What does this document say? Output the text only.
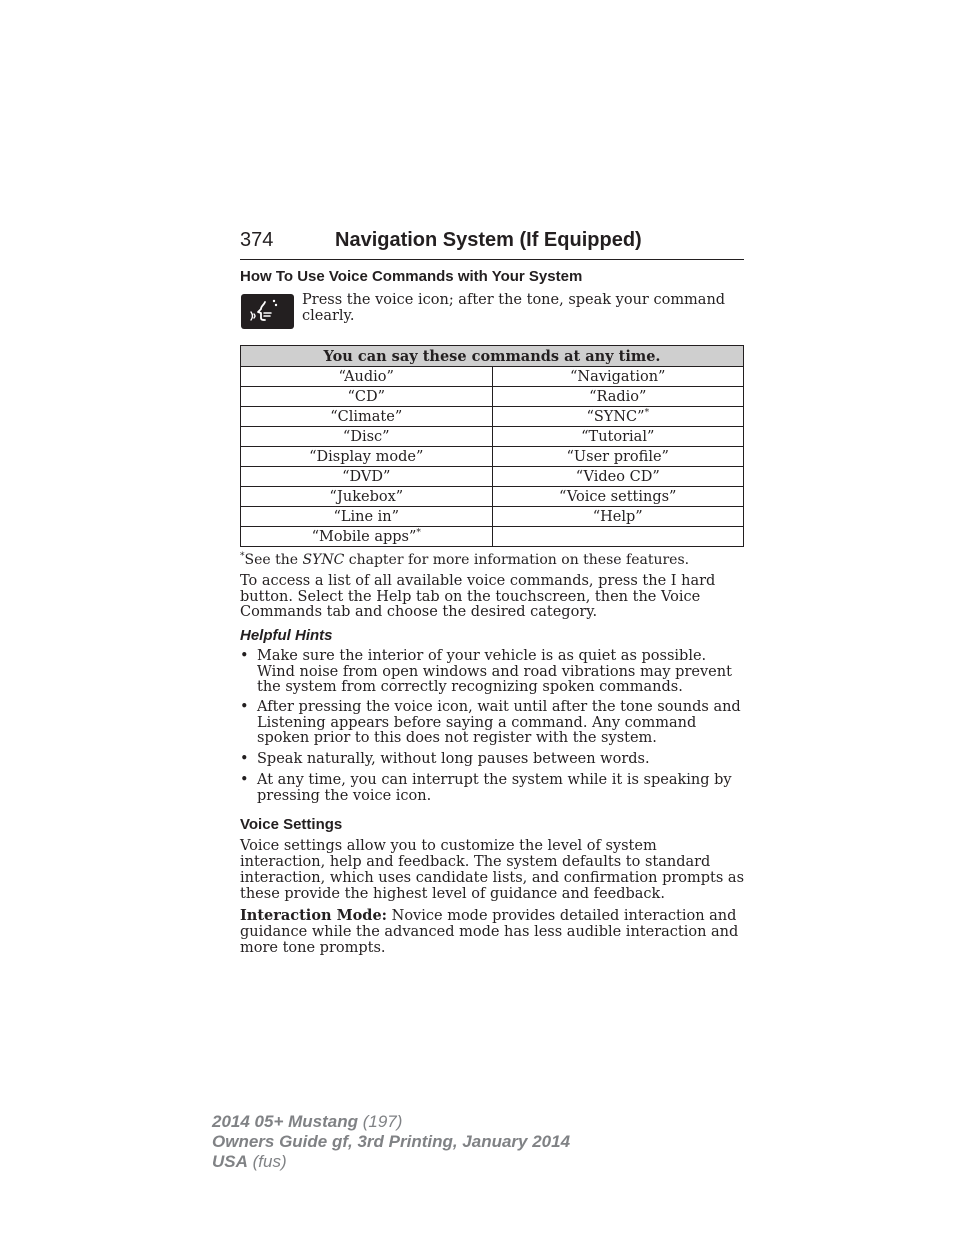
374	Navigation System (If Equipped)
How To Use Voice Commands with Your System
Press the voice icon; after the tone, speak your command clearly.
You can say these commands at any time.	
“Audio”	“Navigation”
“CD”	“Radio”
“Climate”	“SYNC”*
“Disc”	“Tutorial”
“Display mode”	“User profile”
“DVD”	“Video CD”
“Jukebox”	“Voice settings”
“Line in”	“Help”
“Mobile apps”*	
*See the SYNC chapter for more information on these features.
To access a list of all available voice commands, press the I hard button. Select the Help tab on the touchscreen, then the Voice Commands tab and choose the desired category.
Helpful Hints
• Make sure the interior of your vehicle is as quiet as possible. Wind noise from open windows and road vibrations may prevent the system from correctly recognizing spoken commands.
• After pressing the voice icon, wait until after the tone sounds and Listening appears before saying a command. Any command spoken prior to this does not register with the system.
• Speak naturally, without long pauses between words.
• At any time, you can interrupt the system while it is speaking by pressing the voice icon.
Voice Settings
Voice settings allow you to customize the level of system interaction, help and feedback. The system defaults to standard interaction, which uses candidate lists, and confirmation prompts as these provide the highest level of guidance and feedback.
Interaction Mode: Novice mode provides detailed interaction and guidance while the advanced mode has less audible interaction and more tone prompts.
2014 05+ Mustang (197)
Owners Guide gf, 3rd Printing, January 2014
USA (fus)
